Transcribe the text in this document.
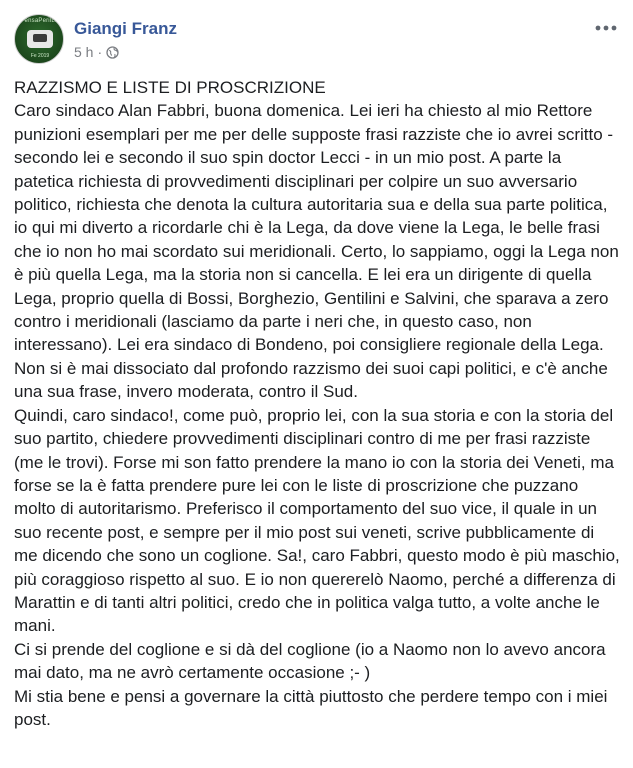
#PensaPerilLink
Fe 2019
Giangi Franz
5 h ·

RAZZISMO E LISTE DI PROSCRIZIONE

Caro sindaco Alan Fabbri, buona domenica. Lei ieri ha chiesto al mio Rettore punizioni esemplari per me per delle supposte frasi razziste che io avrei scritto - secondo lei e secondo il suo spin doctor Lecci - in un mio post. A parte la patetica richiesta di provvedimenti disciplinari per colpire un suo avversario politico, richiesta che denota la cultura autoritaria sua e della sua parte politica, io qui mi diverto a ricordarle chi è la Lega, da dove viene la Lega, le belle frasi che io non ho mai scordato sui meridionali. Certo, lo sappiamo, oggi la Lega non è più quella Lega, ma la storia non si cancella. E lei era un dirigente di quella Lega, proprio quella di Bossi, Borghezio, Gentilini e Salvini, che sparava a zero contro i meridionali (lasciamo da parte i neri che, in questo caso, non interessano). Lei era sindaco di Bondeno, poi consigliere regionale della Lega. Non si è mai dissociato dal profondo razzismo dei suoi capi politici, e c'è anche una sua frase, invero moderata, contro il Sud.

Quindi, caro sindaco!, come può, proprio lei, con la sua storia e con la storia del suo partito, chiedere provvedimenti disciplinari contro di me per frasi razziste (me le trovi). Forse mi son fatto prendere la mano io con la storia dei Veneti, ma forse se la è fatta prendere pure lei con le liste di proscrizione che puzzano molto di autoritarismo. Preferisco il comportamento del suo vice, il quale in un suo recente post, e sempre per il mio post sui veneti, scrive pubblicamente di me dicendo che sono un coglione. Sa!, caro Fabbri, questo modo è più maschio, più coraggioso rispetto al suo. E io non quererelò Naomo, perché a differenza di Marattin e di tanti altri politici, credo che in politica valga tutto, a volte anche le mani.

Ci si prende del coglione e si dà del coglione (io a Naomo non lo avevo ancora mai dato, ma ne avrò certamente occasione ;- )

Mi stia bene e pensi a governare la città piuttosto che perdere tempo con i miei post.
